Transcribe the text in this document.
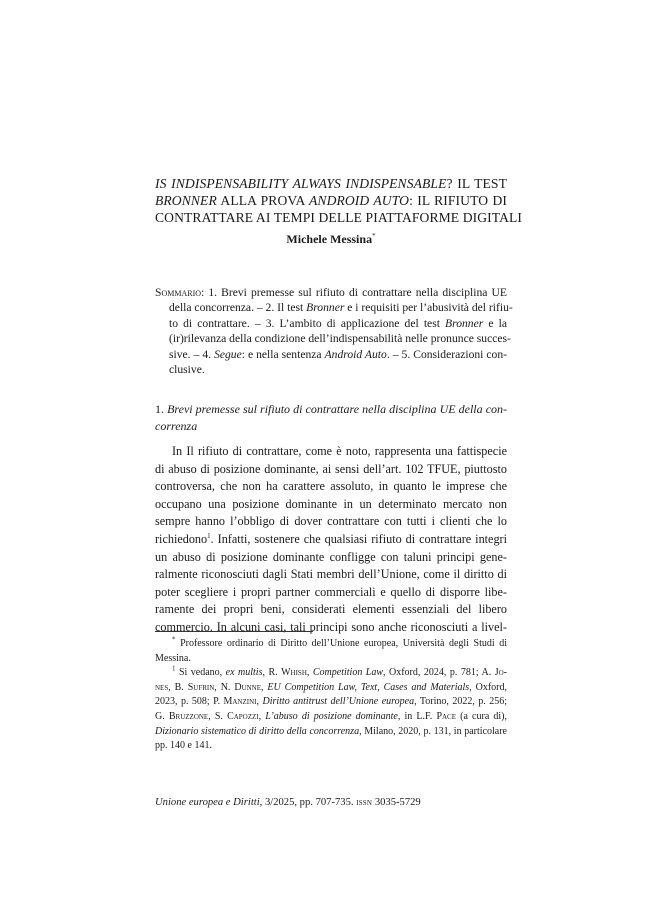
IS INDISPENSABILITY ALWAYS INDISPENSABLE? IL TEST
BRONNER ALLA PROVA ANDROID AUTO: IL RIFIUTO DI
CONTRATTARE AI TEMPI DELLE PIATTAFORME DIGITALI
Michele Messina*
Sommario: 1. Brevi premesse sul rifiuto di contrattare nella disciplina UE
della concorrenza. – 2. Il test Bronner e i requisiti per l’abusività del rifiu-
to di contrattare. – 3. L’ambito di applicazione del test Bronner e la
(ir)rilevanza della condizione dell’indispensabilità nelle pronunce succes-
sive. – 4. Segue: e nella sentenza Android Auto. – 5. Considerazioni con-
clusive.
1. Brevi premesse sul rifiuto di contrattare nella disciplina UE della con-
correnza
In Il rifiuto di contrattare, come è noto, rappresenta una fattispecie
di abuso di posizione dominante, ai sensi dell’art. 102 TFUE, piuttosto
controversa, che non ha carattere assoluto, in quanto le imprese che
occupano una posizione dominante in un determinato mercato non
sempre hanno l’obbligo di dover contrattare con tutti i clienti che lo
richiedono$^1$. Infatti, sostenere che qualsiasi rifiuto di contrattare integri
un abuso di posizione dominante confligge con taluni principi gene-
ralmente riconosciuti dagli Stati membri dell’Unione, come il diritto di
poter scegliere i propri partner commerciali e quello di disporre libe-
ramente dei propri beni, considerati elementi essenziali del libero
commercio. In alcuni casi, tali principi sono anche riconosciuti a livel-
* Professore ordinario di Diritto dell’Unione europea, Università degli Studi di
Messina.
$^1$ Si vedano, ex multis, R. Whish, Competition Law, Oxford, 2024, p. 781; A. Jo-
nes, B. Sufrin, N. Dunne, EU Competition Law, Text, Cases and Materials, Oxford,
2023, p. 508; P. Manzini, Diritto antitrust dell’Unione europea, Torino, 2022, p. 256;
G. Bruzzone, S. Capozzi, L’abuso di posizione dominante, in L.F. Pace (a cura di),
Dizionario sistematico di diritto della concorrenza, Milano, 2020, p. 131, in particolare
pp. 140 e 141.
Unione europea e Diritti, 3/2025, pp. 707-735. issn 3035-5729
